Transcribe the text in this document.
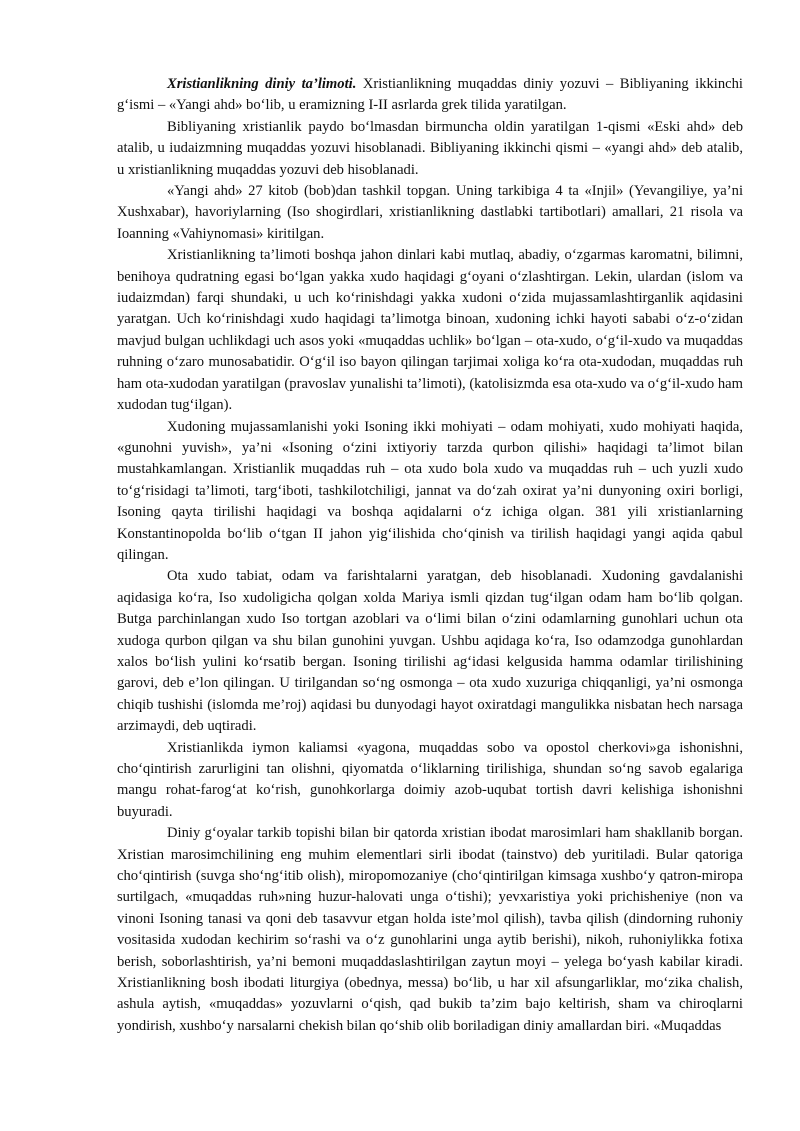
Xristianlikning diniy ta’limoti. Xristianlikning muqaddas diniy yozuvi – Bibliyaning ikkinchi g‘ismi – «Yangi ahd» bo‘lib, u eramizning I-II asrlarda grek tilida yaratilgan.

Bibliyaning xristianlik paydo bo‘lmasdan birmuncha oldin yaratilgan 1-qismi «Eski ahd» deb atalib, u iudaizmning muqaddas yozuvi hisoblanadi. Bibliyaning ikkinchi qismi – «yangi ahd» deb atalib, u xristianlikning muqaddas yozuvi deb hisoblanadi.

«Yangi ahd» 27 kitob (bob)dan tashkil topgan. Uning tarkibiga 4 ta «Injil» (Yevangiliye, ya’ni Xushxabar), havoriylarning (Iso shogirdlari, xristianlikning dastlabki tartibotlari) amallari, 21 risola va Ioanning «Vahiynomasi» kiritilgan.

Xristianlikning ta’limoti boshqa jahon dinlari kabi mutlaq, abadiy, o‘zgarmas karomatni, bilimni, benihoya qudratning egasi bo‘lgan yakka xudo haqidagi g‘oyani o‘zlashtirgan. Lekin, ulardan (islom va iudaizmdan) farqi shundaki, u uch ko‘rinishdagi yakka xudoni o‘zida mujassamlashtirganlik aqidasini yaratgan. Uch ko‘rinishdagi xudo haqidagi ta’limotga binoan, xudoning ichki hayoti sababi o‘z-o‘zidan mavjud bulgan uchlikdagi uch asos yoki «muqaddas uchlik» bo‘lgan – ota-xudo, o‘g‘il-xudo va muqaddas ruhning o‘zaro munosabatidir. O‘g‘il iso bayon qilingan tarjimai xoliga ko‘ra ota-xudodan, muqaddas ruh ham ota-xudodan yaratilgan (pravoslav yunalishi ta’limoti), (katolisizmda esa ota-xudo va o‘g‘il-xudo ham xudodan tug‘ilgan).

Xudoning mujassamlanishi yoki Isoning ikki mohiyati – odam mohiyati, xudo mohiyati haqida, «gunohni yuvish», ya’ni «Isoning o‘zini ixtiyoriy tarzda qurbon qilishi» haqidagi ta’limot bilan mustahkamlangan. Xristianlik muqaddas ruh – ota xudo bola xudo va muqaddas ruh – uch yuzli xudo to‘g‘risidagi ta’limoti, targ‘iboti, tashkilotchiligi, jannat va do‘zah oxirat ya’ni dunyoning oxiri borligi, Isoning qayta tirilishi haqidagi va boshqa aqidalarni o‘z ichiga olgan. 381 yili xristianlarning Konstantinopolda bo‘lib o‘tgan II jahon yig‘ilishida cho‘qinish va tirilish haqidagi yangi aqida qabul qilingan.

Ota xudo tabiat, odam va farishtalarni yaratgan, deb hisoblanadi. Xudoning gavdalanishi aqidasiga ko‘ra, Iso xudoligicha qolgan xolda Mariya ismli qizdan tug‘ilgan odam ham bo‘lib qolgan. Butga parchinlangan xudo Iso tortgan azoblari va o‘limi bilan o‘zini odamlarning gunohlari uchun ota xudoga qurbon qilgan va shu bilan gunohini yuvgan. Ushbu aqidaga ko‘ra, Iso odamzodga gunohlardan xalos bo‘lish yulini ko‘rsatib bergan. Isoning tirilishi ag‘idasi kelgusida hamma odamlar tirilishining garovi, deb e’lon qilingan. U tirilgandan so‘ng osmonga – ota xudo xuzuriga chiqqanligi, ya’ni osmonga chiqib tushishi (islomda me’roj) aqidasi bu dunyodagi hayot oxiratdagi mangulikka nisbatan hech narsaga arzimaydi, deb uqtiradi.

Xristianlikda iymon kaliamsi «yagona, muqaddas sobo va opostol cherkovi»ga ishonishni, cho‘qintirish zarurligini tan olishni, qiyomatda o‘liklarning tirilishiga, shundan so‘ng savob egalariga mangu rohat-farog‘at ko‘rish, gunohkorlarga doimiy azob-uqubat tortish davri kelishiga ishonishni buyuradi.

Diniy g‘oyalar tarkib topishi bilan bir qatorda xristian ibodat marosimlari ham shakllanib borgan. Xristian marosimchilining eng muhim elementlari sirli ibodat (tainstvo) deb yuritiladi. Bular qatoriga cho‘qintirish (suvga sho‘ng‘itib olish), miropomozaniye (cho‘qintirilgan kimsaga xushbo‘y qatron-miropa surtilgach, «muqaddas ruh»ning huzur-halovati unga o‘tishi); yevxaristiya yoki prichisheniye (non va vinoni Isoning tanasi va qoni deb tasavvur etgan holda iste’mol qilish), tavba qilish (dindorning ruhoniy vositasida xudodan kechirim so‘rashi va o‘z gunohlarini unga aytib berishi), nikoh, ruhoniylikka fotixa berish, soborlashtirish, ya’ni bemoni muqaddaslashtirilgan zaytun moyi – yelega bo‘yash kabilar kiradi. Xristianlikning bosh ibodati liturgiya (obednya, messa) bo‘lib, u har xil afsungarliklar, mo‘zika chalish, ashula aytish, «muqaddas» yozuvlarni o‘qish, qad bukib ta’zim bajo keltirish, sham va chiroqlarni yondirish, xushbo‘y narsalarni chekish bilan qo‘shib olib boriladigan diniy amallardan biri. «Muqaddas
